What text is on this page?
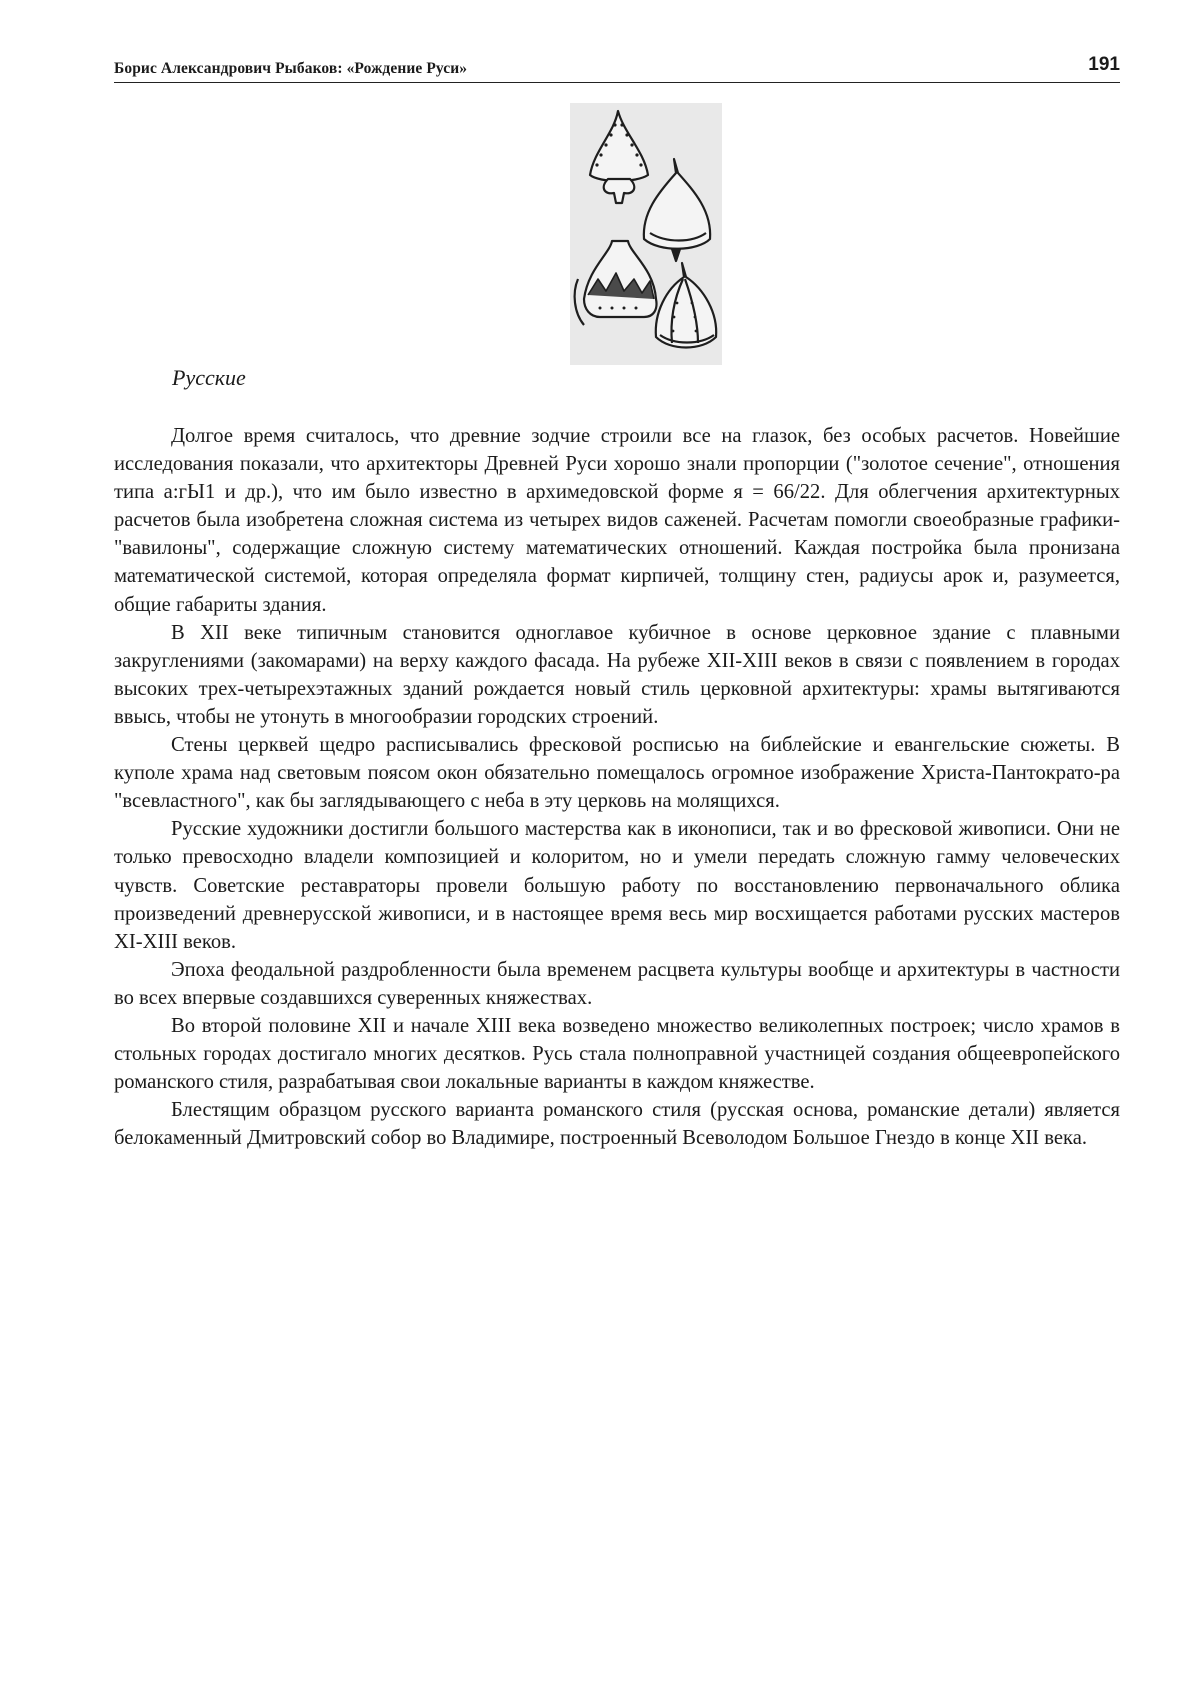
Борис Александрович Рыбаков: «Рождение Руси»	191
Русские

Долгое время считалось, что древние зодчие строили все на глазок, без особых расчетов. Новейшие исследования показали, что архитекторы Древней Руси хорошо знали пропорции ("золотое сечение", отношения типа а:гЫ1 и др.), что им было известно в архимедовской форме я = 66/22. Для облегчения архитектурных расчетов была изобретена сложная система из четырех видов саженей. Расчетам помогли своеобразные графики-"вавилоны", содержащие сложную систему математических отношений. Каждая постройка была пронизана математической системой, которая определяла формат кирпичей, толщину стен, радиусы арок и, разумеется, общие габариты здания.

В XII веке типичным становится одноглавое кубичное в основе церковное здание с плавными закруглениями (закомарами) на верху каждого фасада. На рубеже XII-XIII веков в связи с появлением в городах высоких трех-четырехэтажных зданий рождается новый стиль церковной архитектуры: храмы вытягиваются ввысь, чтобы не утонуть в многообразии городских строений.

Стены церквей щедро расписывались фресковой росписью на библейские и евангельские сюжеты. В куполе храма над световым поясом окон обязательно помещалось огромное изображение Христа-Пантократо-ра "всевластного", как бы заглядывающего с неба в эту церковь на молящихся.

Русские художники достигли большого мастерства как в иконописи, так и во фресковой живописи. Они не только превосходно владели композицией и колоритом, но и умели передать сложную гамму человеческих чувств. Советские реставраторы провели большую работу по восстановлению первоначального облика произведений древнерусской живописи, и в настоящее время весь мир восхищается работами русских мастеров XI-XIII веков.

Эпоха феодальной раздробленности была временем расцвета культуры вообще и архитектуры в частности во всех впервые создавшихся суверенных княжествах.

Во второй половине XII и начале XIII века возведено множество великолепных построек; число храмов в стольных городах достигало многих десятков. Русь стала полноправной участницей создания общеевропейского романского стиля, разрабатывая свои локальные варианты в каждом княжестве.

Блестящим образцом русского варианта романского стиля (русская основа, романские детали) является белокаменный Дмитровский собор во Владимире, построенный Всеволодом Большое Гнездо в конце XII века.
